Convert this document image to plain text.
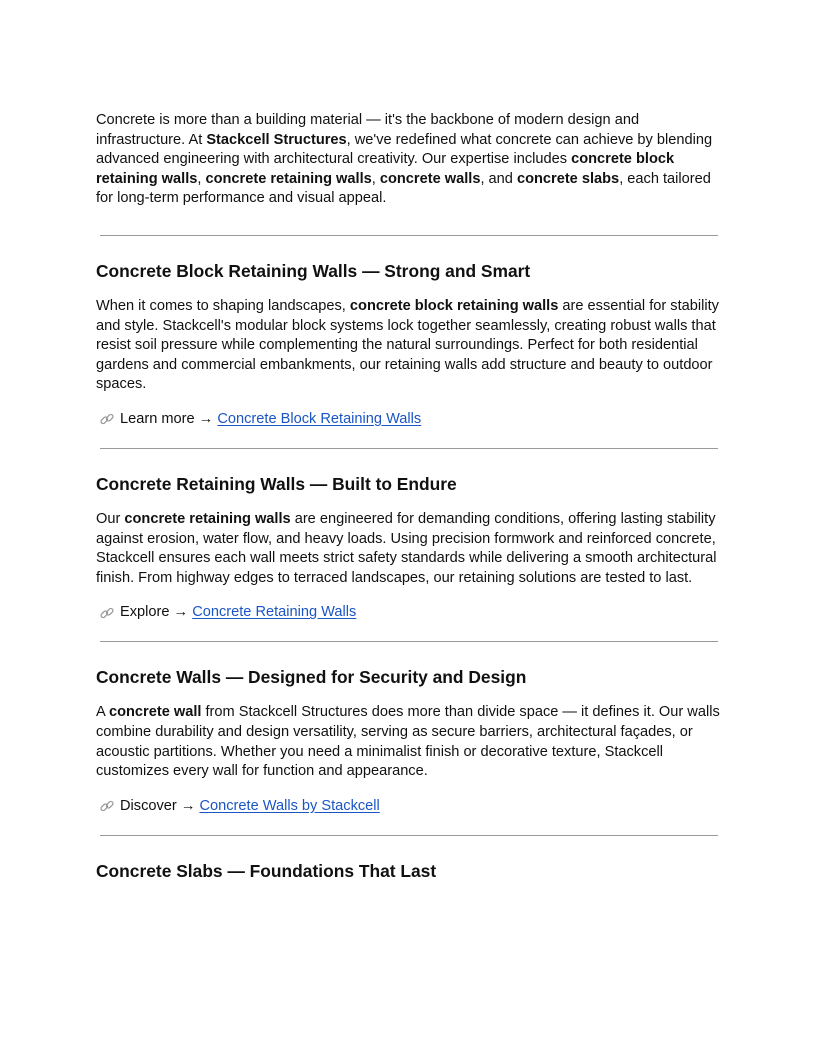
Concrete is more than a building material — it's the backbone of modern design and infrastructure. At Stackcell Structures, we've redefined what concrete can achieve by blending advanced engineering with architectural creativity. Our expertise includes concrete block retaining walls, concrete retaining walls, concrete walls, and concrete slabs, each tailored for long-term performance and visual appeal.

Concrete Block Retaining Walls — Strong and Smart

When it comes to shaping landscapes, concrete block retaining walls are essential for stability and style. Stackcell's modular block systems lock together seamlessly, creating robust walls that resist soil pressure while complementing the natural surroundings. Perfect for both residential gardens and commercial embankments, our retaining walls add structure and beauty to outdoor spaces.

Learn more → Concrete Block Retaining Walls
Concrete Retaining Walls — Built to Endure

Our concrete retaining walls are engineered for demanding conditions, offering lasting stability against erosion, water flow, and heavy loads. Using precision formwork and reinforced concrete, Stackcell ensures each wall meets strict safety standards while delivering a smooth architectural finish. From highway edges to terraced landscapes, our retaining solutions are tested to last.

Explore → Concrete Retaining Walls
Concrete Walls — Designed for Security and Design

A concrete wall from Stackcell Structures does more than divide space — it defines it. Our walls combine durability and design versatility, serving as secure barriers, architectural façades, or acoustic partitions. Whether you need a minimalist finish or decorative texture, Stackcell customizes every wall for function and appearance.

Discover → Concrete Walls by Stackcell
Concrete Slabs — Foundations That Last
